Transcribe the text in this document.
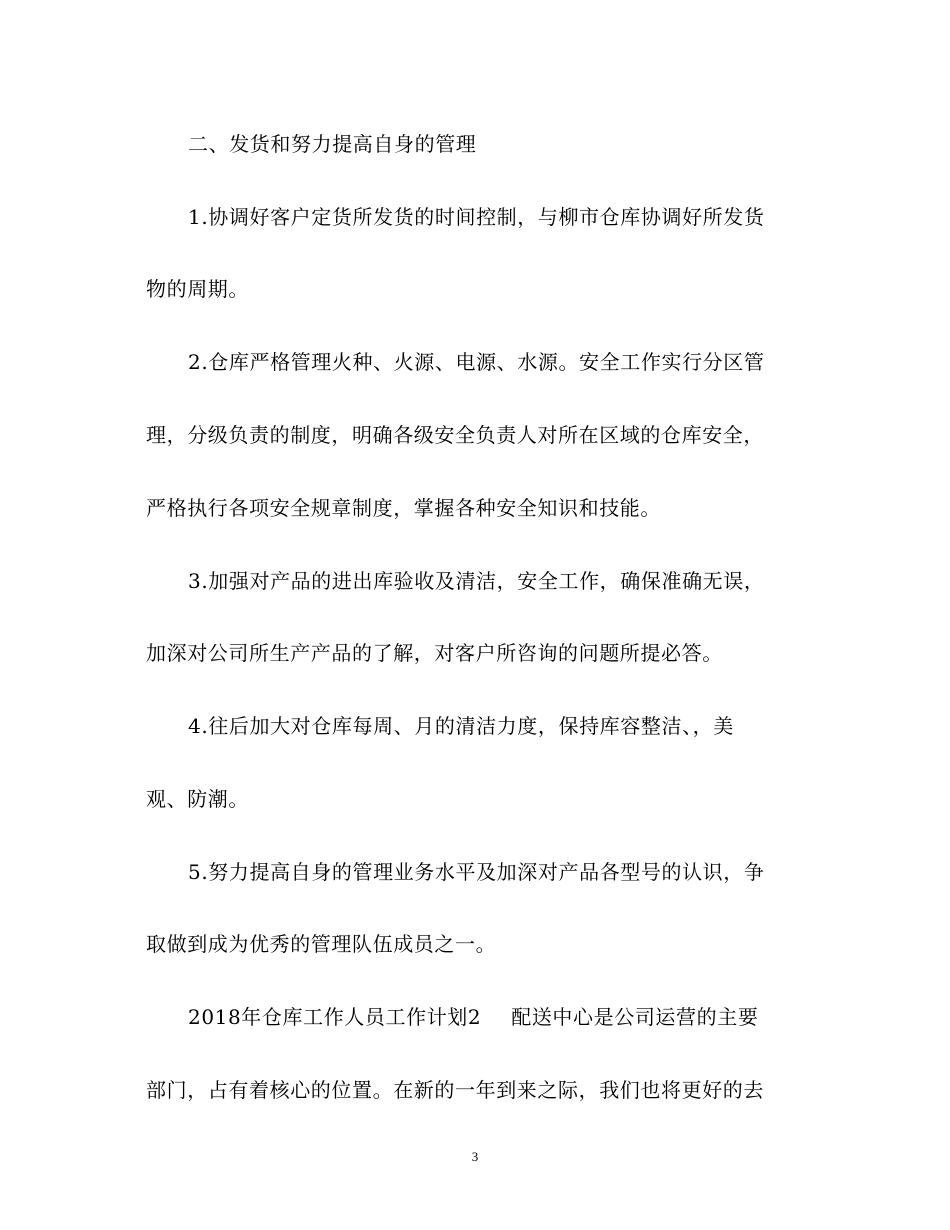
二、发货和努力提高自身的管理
1.协调好客户定货所发货的时间控制，与柳市仓库协调好所发货
物的周期。
2.仓库严格管理火种、火源、电源、水源。安全工作实行分区管
理，分级负责的制度，明确各级安全负责人对所在区域的仓库安全，
严格执行各项安全规章制度，掌握各种安全知识和技能。
3.加强对产品的进出库验收及清洁，安全工作，确保准确无误，
加深对公司所生产产品的了解，对客户所咨询的问题所提必答。
4.往后加大对仓库每周、月的清洁力度，保持库容整洁、，美
观、防潮。
5.努力提高自身的管理业务水平及加深对产品各型号的认识，争
取做到成为优秀的管理队伍成员之一。
2018年仓库工作人员工作计划2 配送中心是公司运营的主要
部门，占有着核心的位置。在新的一年到来之际，我们也将更好的去
3
